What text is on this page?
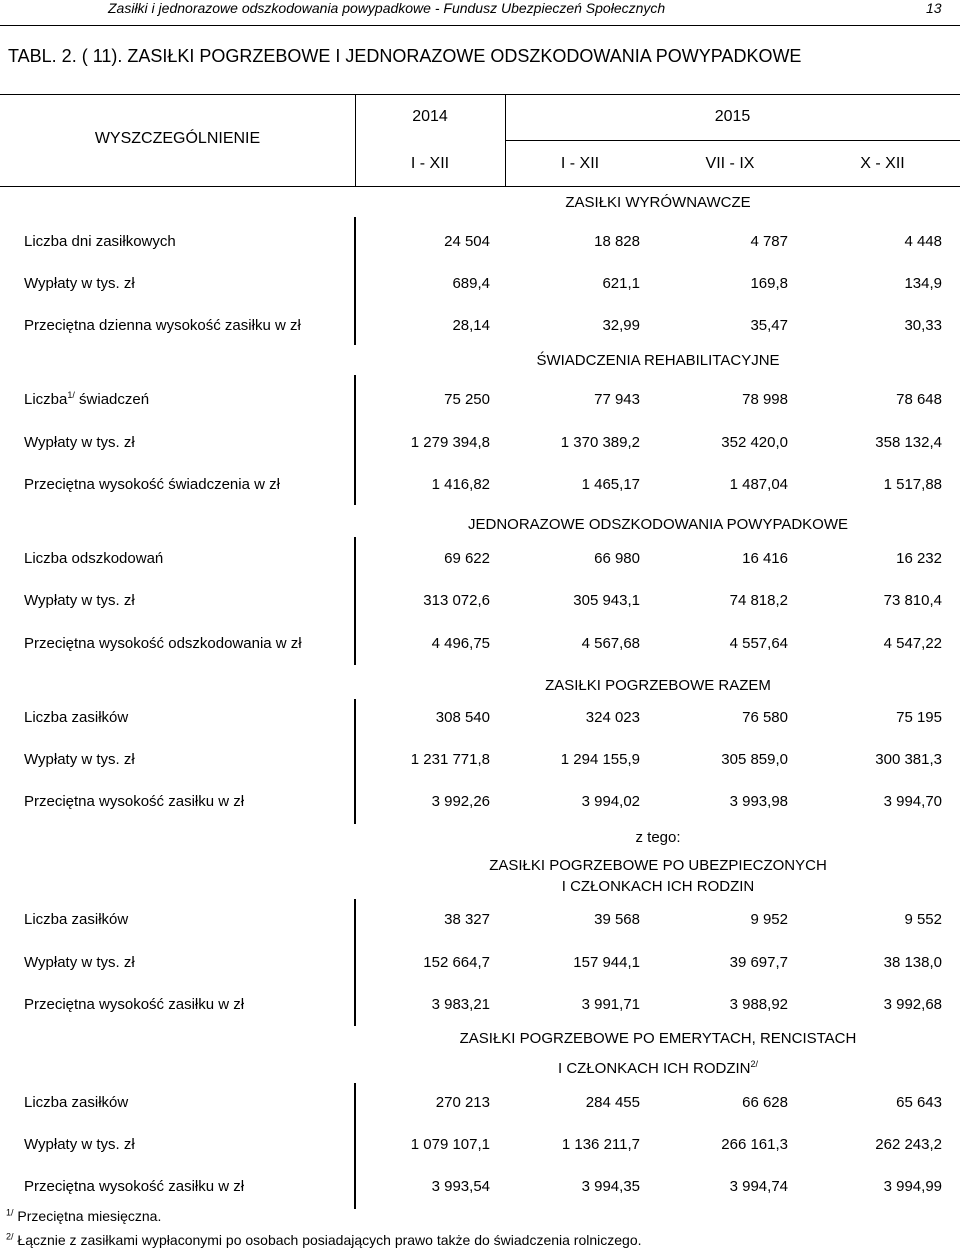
Zasiłki i jednorazowe odszkodowania powypadkowe - Fundusz Ubezpieczeń Społecznych	13
TABL. 2. ( 11). ZASIŁKI POGRZEBOWE I JEDNORAZOWE ODSZKODOWANIA POWYPADKOWE
WYSZCZEGÓLNIENIE
2014	2015
I - XII	I - XII	VII - IX	X - XII
ZASIŁKI WYRÓWNAWCZE
Liczba dni zasiłkowych	24 504	18 828	4 787	4 448
Wypłaty w tys. zł	689,4	621,1	169,8	134,9
Przeciętna dzienna wysokość zasiłku w zł	28,14	32,99	35,47	30,33
ŚWIADCZENIA REHABILITACYJNE
Liczba$^{1/}$ świadczeń	75 250	77 943	78 998	78 648
Wypłaty w tys. zł	1 279 394,8	1 370 389,2	352 420,0	358 132,4
Przeciętna wysokość świadczenia w zł	1 416,82	1 465,17	1 487,04	1 517,88
JEDNORAZOWE ODSZKODOWANIA POWYPADKOWE
Liczba odszkodowań	69 622	66 980	16 416	16 232
Wypłaty w tys. zł	313 072,6	305 943,1	74 818,2	73 810,4
Przeciętna wysokość odszkodowania w zł	4 496,75	4 567,68	4 557,64	4 547,22
ZASIŁKI POGRZEBOWE RAZEM
Liczba zasiłków	308 540	324 023	76 580	75 195
Wypłaty w tys. zł	1 231 771,8	1 294 155,9	305 859,0	300 381,3
Przeciętna wysokość zasiłku w zł	3 992,26	3 994,02	3 993,98	3 994,70
z tego:
ZASIŁKI POGRZEBOWE PO UBEZPIECZONYCH
I CZŁONKACH ICH RODZIN
Liczba zasiłków	38 327	39 568	9 952	9 552
Wypłaty w tys. zł	152 664,7	157 944,1	39 697,7	38 138,0
Przeciętna wysokość zasiłku w zł	3 983,21	3 991,71	3 988,92	3 992,68
ZASIŁKI POGRZEBOWE PO EMERYTACH, RENCISTACH
I CZŁONKACH ICH $RODZIN^{2/}$
Liczba zasiłków	270 213	284 455	66 628	65 643
Wypłaty w tys. zł	1 079 107,1	1 136 211,7	266 161,3	262 243,2
Przeciętna wysokość zasiłku w zł	3 993,54	3 994,35	3 994,74	3 994,99
$^{1/}$ Przeciętna miesięczna.
$^{2/}$ Łącznie z zasiłkami wypłaconymi po osobach posiadających prawo także do świadczenia rolniczego.
